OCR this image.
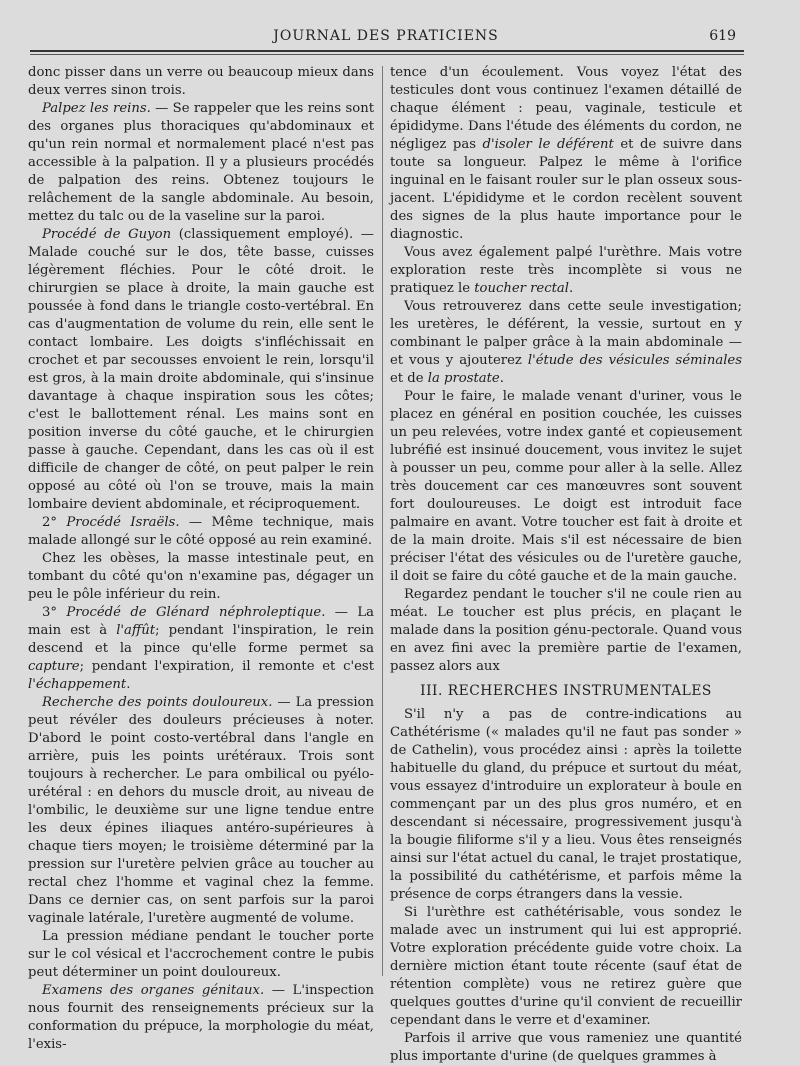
JOURNAL DES PRATICIENS	619

donc pisser dans un verre ou beaucoup mieux dans deux verres sinon trois.

Palpez les reins. — Se rappeler que les reins sont des organes plus thoraciques qu'abdominaux et qu'un rein normal et normalement placé n'est pas accessible à la palpation. Il y a plusieurs procédés de palpation des reins. Obtenez toujours le relâchement de la sangle abdominale. Au besoin, mettez du talc ou de la vaseline sur la paroi.

Procédé de Guyon (classiquement employé). — Malade couché sur le dos, tête basse, cuisses légèrement fléchies. Pour le côté droit. le chirurgien se place à droite, la main gauche est poussée à fond dans le triangle costo-vertébral. En cas d'augmentation de volume du rein, elle sent le contact lombaire. Les doigts s'infléchissait en crochet et par secousses envoient le rein, lorsqu'il est gros, à la main droite abdominale, qui s'insinue davantage à chaque inspiration sous les côtes; c'est le ballottement rénal. Les mains sont en position inverse du côté gauche, et le chirurgien passe à gauche. Cependant, dans les cas où il est difficile de changer de côté, on peut palper le rein opposé au côté où l'on se trouve, mais la main lombaire devient abdominale, et réciproquement.

2° Procédé Israëls. — Même technique, mais malade allongé sur le côté opposé au rein examiné.

Chez les obèses, la masse intestinale peut, en tombant du côté qu'on n'examine pas, dégager un peu le pôle inférieur du rein.

3° Procédé de Glénard néphroleptique. — La main est à l'affût; pendant l'inspiration, le rein descend et la pince qu'elle forme permet sa capture; pendant l'expiration, il remonte et c'est l'échappement.

Recherche des points douloureux. — La pression peut révéler des douleurs précieuses à noter. D'abord le point costo-vertébral dans l'angle en arrière, puis les points urétéraux. Trois sont toujours à rechercher. Le para ombilical ou pyélo-urétéral : en dehors du muscle droit, au niveau de l'ombilic, le deuxième sur une ligne tendue entre les deux épines iliaques antéro-supérieures à chaque tiers moyen; le troisième déterminé par la pression sur l'uretère pelvien grâce au toucher au rectal chez l'homme et vaginal chez la femme. Dans ce dernier cas, on sent parfois sur la paroi vaginale latérale, l'uretère augmenté de volume.

La pression médiane pendant le toucher porte sur le col vésical et l'accrochement contre le pubis peut déterminer un point douloureux.

Examens des organes génitaux. — L'inspection nous fournit des renseignements précieux sur la conformation du prépuce, la morphologie du méat, l'exis-

tence d'un écoulement. Vous voyez l'état des testicules dont vous continuez l'examen détaillé de chaque élément : peau, vaginale, testicule et épididyme. Dans l'étude des éléments du cordon, ne négligez pas d'isoler le déférent et de suivre dans toute sa longueur. Palpez le même à l'orifice inguinal en le faisant rouler sur le plan osseux sous-jacent. L'épididyme et le cordon recèlent souvent des signes de la plus haute importance pour le diagnostic.

Vous avez également palpé l'urèthre. Mais votre exploration reste très incomplète si vous ne pratiquez le toucher rectal.

Vous retrouverez dans cette seule investigation; les uretères, le déférent, la vessie, surtout en y combinant le palper grâce à la main abdominale — et vous y ajouterez l'étude des vésicules séminales et de la prostate.

Pour le faire, le malade venant d'uriner, vous le placez en général en position couchée, les cuisses un peu relevées, votre index ganté et copieusement lubréfié est insinué doucement, vous invitez le sujet à pousser un peu, comme pour aller à la selle. Allez très doucement car ces manœuvres sont souvent fort douloureuses. Le doigt est introduit face palmaire en avant. Votre toucher est fait à droite et de la main droite. Mais s'il est nécessaire de bien préciser l'état des vésicules ou de l'uretère gauche, il doit se faire du côté gauche et de la main gauche.

Regardez pendant le toucher s'il ne coule rien au méat. Le toucher est plus précis, en plaçant le malade dans la position génu-pectorale. Quand vous en avez fini avec la première partie de l'examen, passez alors aux

III. RECHERCHES INSTRUMENTALES

S'il n'y a pas de contre-indications au Cathétérisme (« malades qu'il ne faut pas sonder » de Cathelin), vous procédez ainsi : après la toilette habituelle du gland, du prépuce et surtout du méat, vous essayez d'introduire un explorateur à boule en commençant par un des plus gros numéro, et en descendant si nécessaire, progressivement jusqu'à la bougie filiforme s'il y a lieu. Vous êtes renseignés ainsi sur l'état actuel du canal, le trajet prostatique, la possibilité du cathétérisme, et parfois même la présence de corps étrangers dans la vessie.

Si l'urèthre est cathétérisable, vous sondez le malade avec un instrument qui lui est approprié. Votre exploration précédente guide votre choix. La dernière miction étant toute récente (sauf état de rétention complète) vous ne retirez guère que quelques gouttes d'urine qu'il convient de recueillir cependant dans le verre et d'examiner.

Parfois il arrive que vous rameniez une quantité plus importante d'urine (de quelques grammes à
